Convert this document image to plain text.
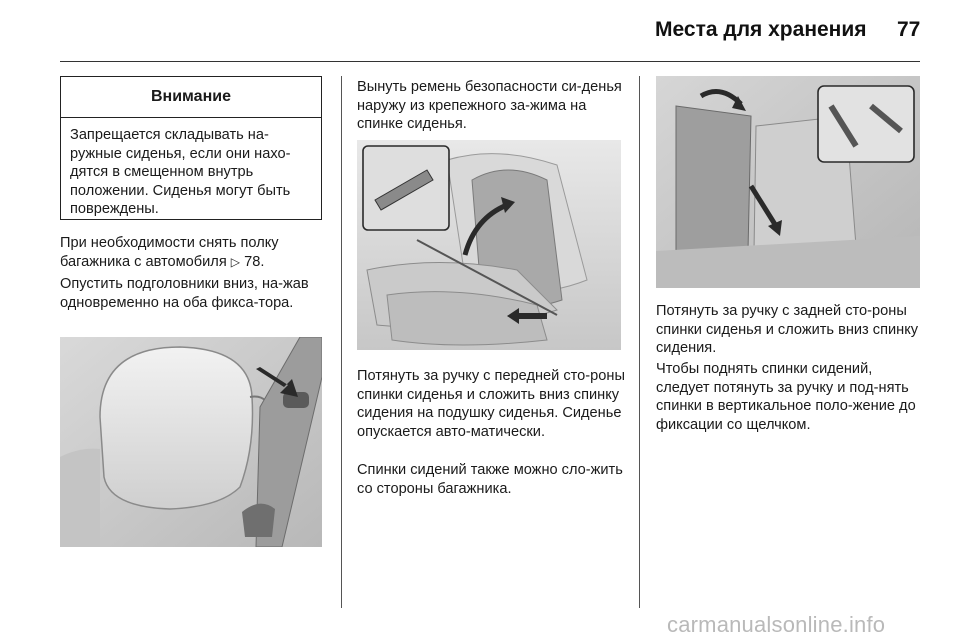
Места для хранения 77
Внимание
Запрещается складывать на-ружные сиденья, если они нахо-дятся в смещенном внутрь положении. Сиденья могут быть повреждены.

При необходимости снять полку багажника с автомобиля ▷ 78.

Опустить подголовники вниз, на-жав одновременно на оба фикса-тора.

Вынуть ремень безопасности си-денья наружу из крепежного за-жима на спинке сиденья.

Потянуть за ручку с передней сто-роны спинки сиденья и сложить вниз спинку сидения на подушку сиденья. Сиденье опускается авто-матически.

Спинки сидений также можно сло-жить со стороны багажника.

Потянуть за ручку с задней сто-роны спинки сиденья и сложить вниз спинку сидения.

Чтобы поднять спинки сидений, следует потянуть за ручку и под-нять спинки в вертикальное поло-жение до фиксации со щелчком.

carmanualsonline.info
